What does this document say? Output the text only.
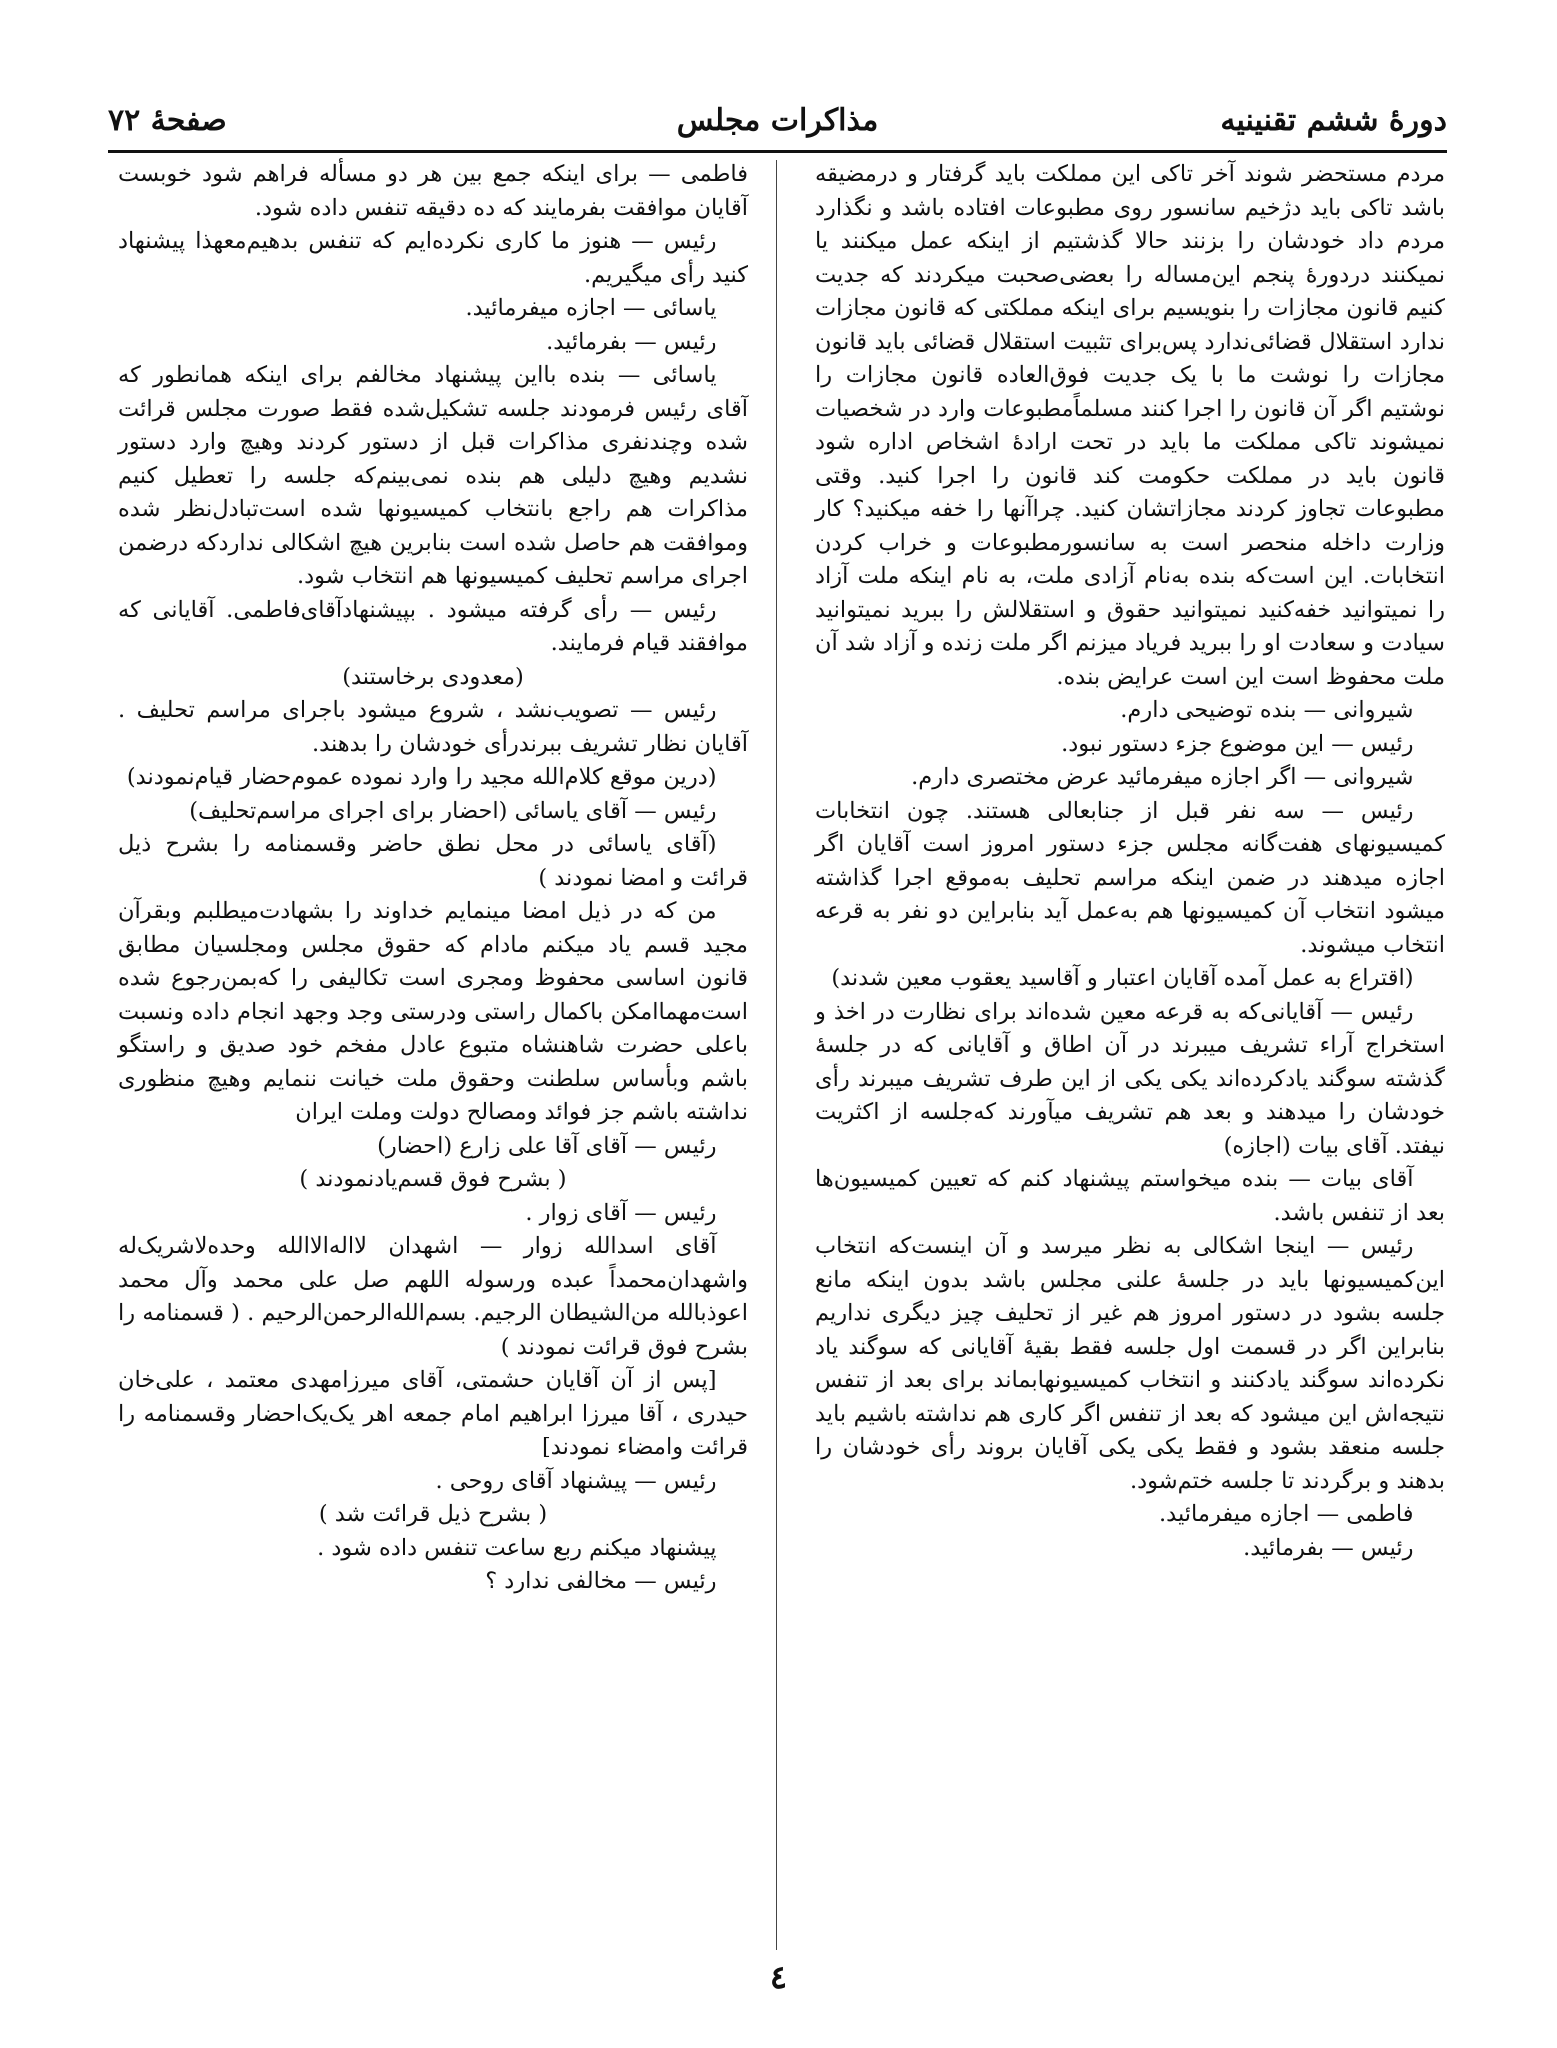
دورهٔ ششم تقنینیه
مذاکرات مجلس
صفحهٔ ۷۲

مردم مستحضر شوند آخر تاکی این مملکت باید گرفتار و درمضیقه باشد تاکی باید دژخیم سانسور روی مطبوعات افتاده باشد و نگذارد مردم داد خودشان را بزنند حالا گذشتیم از اینکه عمل میکنند یا نمیکنند دردورهٔ پنجم این‌مساله را بعضی‌صحبت میکردند که جدیت کنیم قانون مجازات را بنویسیم برای اینکه مملکتی که قانون مجازات ندارد استقلال قضائی‌ندارد پس‌برای تثبیت استقلال قضائی باید قانون مجازات را نوشت ما با یک جدیت فوق‌العاده قانون مجازات را نوشتیم اگر آن قانون را اجرا کنند مسلماً‌مطبوعات وارد در شخصیات نمیشوند تاکی مملکت ما باید در تحت ارادهٔ اشخاص اداره شود قانون باید در مملکت حکومت کند قانون را اجرا کنید. وقتی مطبوعات تجاوز کردند مجازاتشان کنید. چراآنها را خفه میکنید؟ کار وزارت داخله منحصر است به سانسورمطبوعات و خراب کردن انتخابات. این است‌که بنده به‌نام آزادی ملت، به نام اینکه ملت آزاد را نمیتوانید خفه‌کنید نمیتوانید حقوق و استقلالش را ببرید نمیتوانید سیادت و سعادت او را ببرید فریاد میزنم اگر ملت زنده و آزاد شد آن ملت محفوظ است این است عرایض بنده.

شیروانی — بنده توضیحی دارم.

رئیس — این موضوع جزء دستور نبود.

شیروانی — اگر اجازه میفرمائید عرض مختصری دارم.

رئیس — سه نفر قبل از جنابعالی هستند. چون انتخابات کمیسیونهای هفت‌گانه مجلس جزء دستور امروز است آقایان اگر اجازه میدهند در ضمن اینکه مراسم تحلیف به‌موقع اجرا گذاشته میشود انتخاب آن کمیسیونها هم به‌عمل آید بنابراین دو نفر به قرعه انتخاب میشوند.

(اقتراع به عمل آمده آقایان اعتبار و آقاسید یعقوب معین شدند)

رئیس — آقایانی‌که به قرعه معین شده‌اند برای نظارت در اخذ و استخراج آراء تشریف میبرند در آن اطاق و آقایانی که در جلسهٔ گذشته سوگند یادکرده‌اند یکی یکی از این طرف تشریف میبرند رأی خودشان را میدهند و بعد هم تشریف میآورند که‌جلسه از اکثریت نیفتد. آقای بیات (اجازه)

آقای بیات — بنده میخواستم پیشنهاد کنم که تعیین کمیسیون‌ها بعد از تنفس باشد.

رئیس — اینجا اشکالی به نظر میرسد و آن اینست‌که انتخاب این‌کمیسیونها باید در جلسهٔ علنی مجلس باشد بدون اینکه مانع جلسه بشود در دستور امروز هم غیر از تحلیف چیز دیگری نداریم بنابراین اگر در قسمت اول جلسه فقط بقیهٔ آقایانی که سوگند یاد نکرده‌اند سوگند یادکنند و انتخاب کمیسیونها‌بماند برای بعد از تنفس نتیجه‌اش این میشود که بعد از تنفس اگر کاری هم نداشته باشیم باید جلسه منعقد بشود و فقط یکی یکی آقایان بروند رأی خودشان را بدهند و برگردند تا جلسه ختم‌شود.

فاطمی — اجازه میفرمائید.

رئیس — بفرمائید.

فاطمی — برای اینکه جمع بین هر دو مسأله فراهم شود خوبست آقایان موافقت بفرمایند که ده دقیقه تنفس داده شود.

رئیس — هنوز ما کاری نکرده‌ایم که تنفس بدهیم‌معهذا پیشنهاد کنید رأی میگیریم.

یاسائی — اجازه میفرمائید.

رئیس — بفرمائید.

یاسائی — بنده بااین پیشنهاد مخالفم برای اینکه همانطور که آقای رئیس فرمودند جلسه تشکیل‌شده فقط صورت مجلس قرائت شده وچندنفری مذاکرات قبل از دستور کردند وهیچ وارد دستور نشدیم وهیچ دلیلی هم بنده نمی‌بینم‌که جلسه را تعطیل کنیم مذاکرات هم راجع بانتخاب کمیسیونها شده است‌تبادل‌نظر شده وموافقت هم حاصل شده است بنابرین هیچ اشکالی ندارد‌که درضمن اجرای مراسم تحلیف کمیسیونها هم انتخاب شود.

رئیس — رأی گرفته میشود . بپیشنهادآقای‌فاطمی. آقایانی که موافقند قیام فرمایند.

(معدودی برخاستند)

رئیس — تصویب‌نشد ، شروع میشود باجرای مراسم تحلیف . آقایان نظار تشریف ببرندرأی خودشان را بدهند.

(درین موقع کلام‌الله مجید را وارد نموده عموم‌حضار قیام‌نمودند)

رئیس — آقای یاسائی (احضار برای اجرای مراسم‌تحلیف)

(آقای یاسائی در محل نطق حاضر وقسمنامه را بشرح ذیل قرائت و امضا نمودند )

من که در ذیل امضا مینمایم خداوند را بشهادت‌میطلبم وبقرآن مجید قسم یاد میکنم مادام که حقوق مجلس ومجلسیان مطابق قانون اساسی محفوظ ومجری است تکالیفی را که‌بمن‌رجوع شده است‌مهماامکن باکمال راستی ودرستی وجد وجهد انجام داده ونسبت باعلی حضرت شاهنشاه متبوع عادل مفخم خود صدیق و راستگو باشم وبأساس سلطنت وحقوق ملت خیانت ننمایم وهیچ منظوری نداشته باشم جز فوائد ومصالح دولت وملت ایران

رئیس — آقای آقا علی زارع (احضار)

( بشرح فوق قسم‌یادنمودند )

رئیس — آقای زوار .

آقای اسدالله زوار — اشهدان لااله‌الاالله وحده‌لاشریک‌له واشهدان‌محمداً عبده ورسوله اللهم صل علی محمد وآل محمد اعوذبالله من‌الشیطان الرجیم. بسم‌الله‌الرحمن‌الرحیم . ( قسمنامه را بشرح فوق قرائت نمودند )

[پس از آن آقایان حشمتی، آقای میرزامهدی معتمد ، علی‌خان حیدری ، آقا میرزا ابراهیم امام جمعه اهر یک‌یک‌احضار وقسمنامه را قرائت وامضاء نمودند]

رئیس — پیشنهاد آقای روحی .

( بشرح ذیل قرائت شد )

پیشنهاد میکنم ربع ساعت تنفس داده شود .

رئیس — مخالفی ندارد ؟

٤
